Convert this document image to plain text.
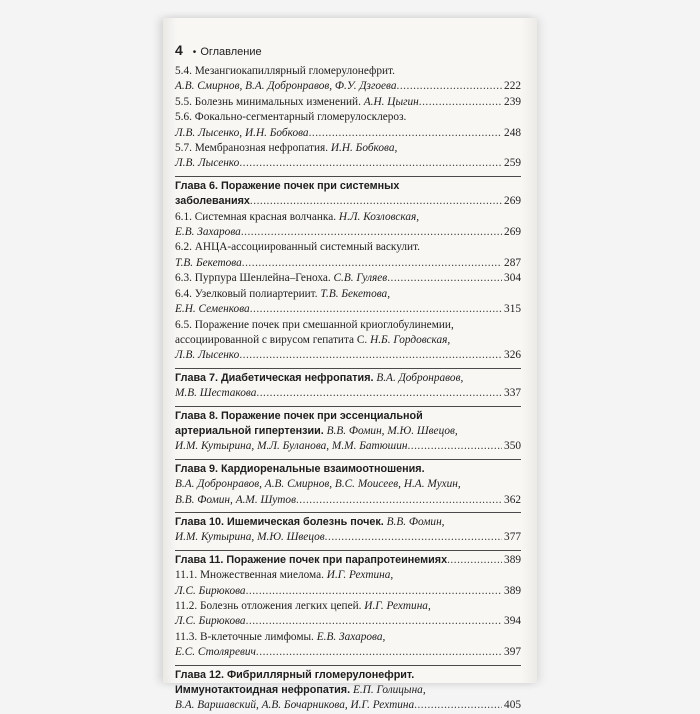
4 • Оглавление
5.4. Мезангиокапиллярный гломерулонефрит.
А.В. Смирнов, В.А. Добронравов, Ф.У. Дзгоева .....	222
5.5. Болезнь минимальных изменений. А.Н. Цыгин .....	239
5.6. Фокально-сегментарный гломерулосклероз.
Л.В. Лысенко, И.Н. Бобкова .....	248
5.7. Мембранозная нефропатия. И.Н. Бобкова,
Л.В. Лысенко .....	259
Глава 6. Поражение почек при системных
заболеваниях .....	269
6.1. Системная красная волчанка. Н.Л. Козловская,
Е.В. Захарова .....	269
6.2. АНЦА-ассоциированный системный васкулит.
Т.В. Бекетова .....	287
6.3. Пурпура Шенлейна–Геноха. С.В. Гуляев .....	304
6.4. Узелковый полиартериит. Т.В. Бекетова,
Е.Н. Семенкова .....	315
6.5. Поражение почек при смешанной криоглобулинемии,
ассоциированной с вирусом гепатита С. Н.Б. Гордовская,
Л.В. Лысенко .....	326
Глава 7. Диабетическая нефропатия. В.А. Добронравов,
М.В. Шестакова .....	337
Глава 8. Поражение почек при эссенциальной
артериальной гипертензии. В.В. Фомин, М.Ю. Швецов,
И.М. Кутырина, М.Л. Буланова, М.М. Батюшин .....	350
Глава 9. Кардиоренальные взаимоотношения.
В.А. Добронравов, А.В. Смирнов, В.С. Моисеев, Н.А. Мухин,
В.В. Фомин, А.М. Шутов .....	362
Глава 10. Ишемическая болезнь почек. В.В. Фомин,
И.М. Кутырина, М.Ю. Швецов .....	377
Глава 11. Поражение почек при парапротеинемиях .....	389
11.1. Множественная миелома. И.Г. Рехтина,
Л.С. Бирюкова .....	389
11.2. Болезнь отложения легких цепей. И.Г. Рехтина,
Л.С. Бирюкова .....	394
11.3. В-клеточные лимфомы. Е.В. Захарова,
Е.С. Столяревич .....	397
Глава 12. Фибриллярный гломерулонефрит.
Иммунотактоидная нефропатия. Е.П. Голицына,
В.А. Варшавский, А.В. Бочарникова, И.Г. Рехтина .....	405
